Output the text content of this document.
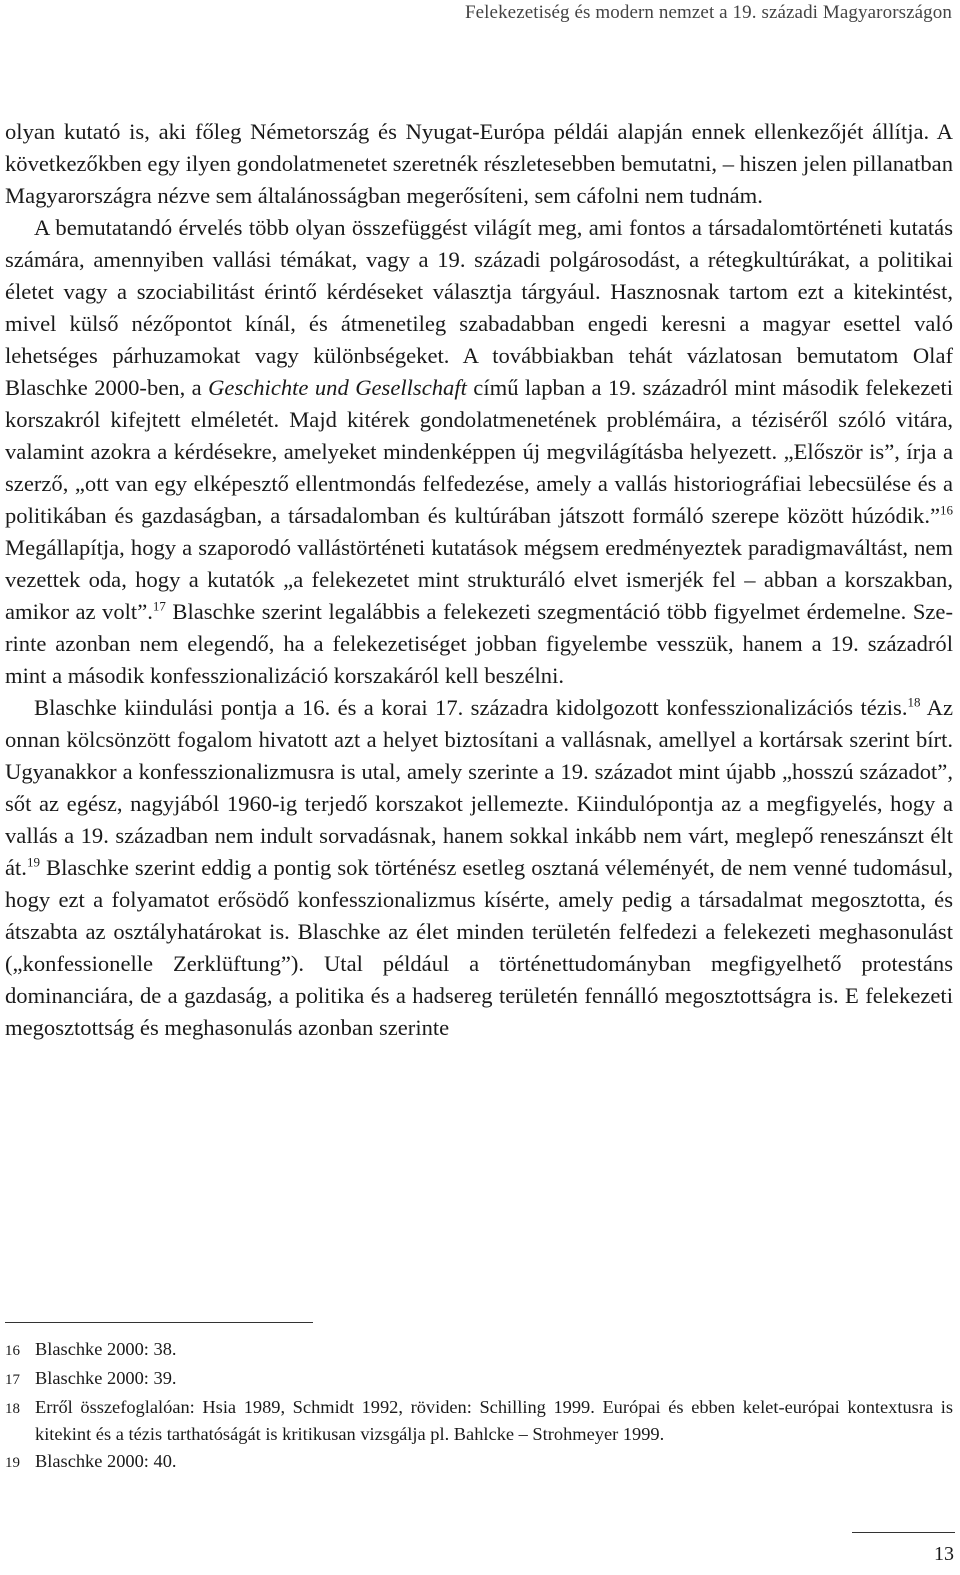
Felekezetiség és modern nemzet a 19. századi Magyarországon

olyan kutató is, aki főleg Németország és Nyugat-Európa példái alapján ennek ellenkezőjét állítja. A következőkben egy ilyen gondolatmenetet szeretnék részletesebben bemutatni, – hiszen jelen pillanatban Magyarországra nézve sem általánosságban megerősíteni, sem cáfolni nem tudnám.

A bemutatandó érvelés több olyan összefüggést világít meg, ami fontos a társadalomtörténeti kutatás számára, amennyiben vallási témákat, vagy a 19. századi polgárosodást, a rétegkultúrákat, a politikai életet vagy a szociabilitást érintő kérdéseket választja tárgyául. Hasznosnak tartom ezt a kitekintést, mivel külső nézőpontot kínál, és átmenetileg szabadabban engedi keresni a magyar esettel való lehetséges párhuzamokat vagy különbségeket. A továbbiakban tehát vázlatosan bemutatom Olaf Blaschke 2000-ben, a Geschichte und Gesellschaft című lapban a 19. századról mint második felekezeti korszakról kifejtett elméletét. Majd kitérek gondolatmenetének problémáira, a téziséről szóló vitára, valamint azokra a kérdésekre, amelyeket mindenképpen új megvilágításba helyezett. „Először is”, írja a szerző, „ott van egy elképesztő ellentmondás felfedezése, amely a vallás historiográfiai lebecsülése és a politikában és gazdaságban, a társadalomban és kultúrában játszott formáló szerepe között húzódik.”$^{16}$ Megállapítja, hogy a szaporodó vallástörténeti kutatások mégsem eredményeztek paradigmaváltást, nem vezettek oda, hogy a kutatók „a felekezetet mint strukturáló elvet ismerjék fel – abban a korszakban, amikor az volt”.$^{17}$ Blaschke szerint legalábbis a felekezeti szegmentáció több figyelmet érdemelne. Szerinte azonban nem elegendő, ha a felekezetiséget jobban figyelembe vesszük, hanem a 19. századról mint a második konfesszionalizáció korszakáról kell beszélni.

Blaschke kiindulási pontja a 16. és a korai 17. századra kidolgozott konfesszionalizációs tézis.$^{18}$ Az onnan kölcsönzött fogalom hivatott azt a helyet biztosítani a vallásnak, amellyel a kortársak szerint bírt. Ugyanakkor a konfesszionalizmusra is utal, amely szerinte a 19. századot mint újabb „hosszú századot”, sőt az egész, nagyjából 1960-ig terjedő korszakot jellemezte. Kiindulópontja az a megfigyelés, hogy a vallás a 19. században nem indult sorvadásnak, hanem sokkal inkább nem várt, meglepő reneszánszt élt át.$^{19}$ Blaschke szerint eddig a pontig sok történész esetleg osztaná véleményét, de nem venné tudomásul, hogy ezt a folyamatot erősödő konfesszionalizmus kísérte, amely pedig a társadalmat megosztotta, és átszabta az osztályhatárokat is. Blaschke az élet minden területén felfedezi a felekezeti meghasonulást („konfessionelle Zerklüftung”). Utal például a történettudományban megfigyelhető protestáns dominanciára, de a gazdaság, a politika és a hadsereg területén fennálló megosztottságra is. E felekezeti megosztottság és meghasonulás azonban szerinte

16 Blaschke 2000: 38.
17 Blaschke 2000: 39.
18 Erről összefoglalóan: Hsia 1989, Schmidt 1992, röviden: Schilling 1999. Európai és ebben kelet-európai kontextusra is kitekint és a tézis tarthatóságát is kritikusan vizsgálja pl. Bahlcke – Strohmeyer 1999.
19 Blaschke 2000: 40.
13
